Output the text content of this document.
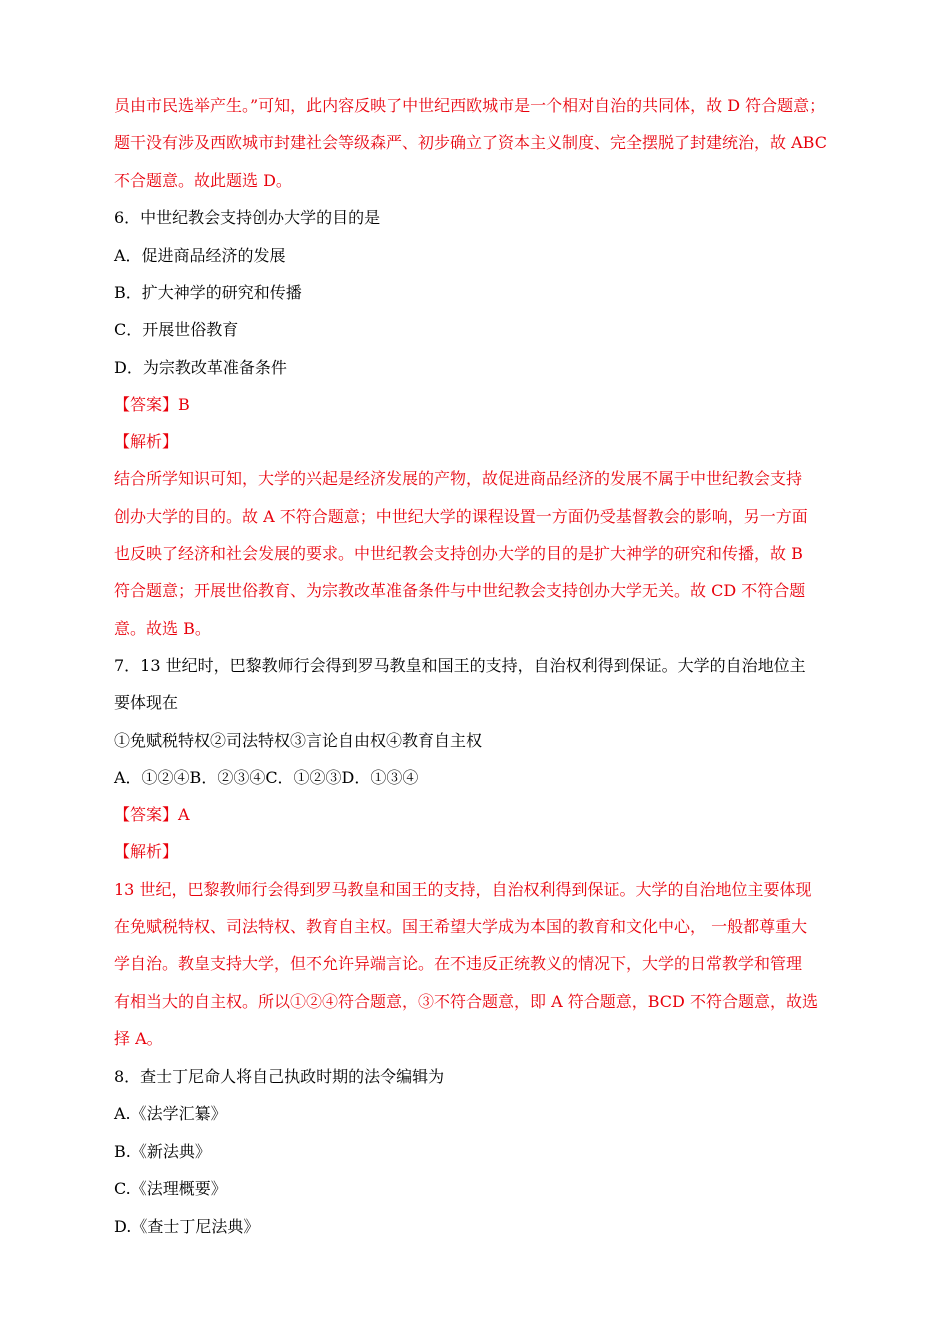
员由市民选举产生。”可知，此内容反映了中世纪西欧城市是一个相对自治的共同体，故 D 符合题意；
题干没有涉及西欧城市封建社会等级森严、初步确立了资本主义制度、完全摆脱了封建统治，故 ABC
不合题意。故此题选 D。
6．中世纪教会支持创办大学的目的是
A．促进商品经济的发展
B．扩大神学的研究和传播
C．开展世俗教育
D．为宗教改革准备条件
【答案】B
【解析】
结合所学知识可知，大学的兴起是经济发展的产物，故促进商品经济的发展不属于中世纪教会支持
创办大学的目的。故 A 不符合题意；中世纪大学的课程设置一方面仍受基督教会的影响，另一方面
也反映了经济和社会发展的要求。中世纪教会支持创办大学的目的是扩大神学的研究和传播，故 B
符合题意；开展世俗教育、为宗教改革准备条件与中世纪教会支持创办大学无关。故 CD 不符合题
意。故选 B。
7．13 世纪时，巴黎教师行会得到罗马教皇和国王的支持，自治权利得到保证。大学的自治地位主
要体现在
①免赋税特权②司法特权③言论自由权④教育自主权
A．①②④B．②③④C．①②③D．①③④
【答案】A
【解析】
13 世纪，巴黎教师行会得到罗马教皇和国王的支持，自治权利得到保证。大学的自治地位主要体现
在免赋税特权、司法特权、教育自主权。国王希望大学成为本国的教育和文化中心， 一般都尊重大
学自治。教皇支持大学，但不允许异端言论。在不违反正统教义的情况下，大学的日常教学和管理
有相当大的自主权。所以①②④符合题意，③不符合题意，即 A 符合题意，BCD 不符合题意，故选
择 A。
8．查士丁尼命人将自己执政时期的法令编辑为
A.《法学汇纂》
B.《新法典》
C.《法理概要》
D.《查士丁尼法典》
